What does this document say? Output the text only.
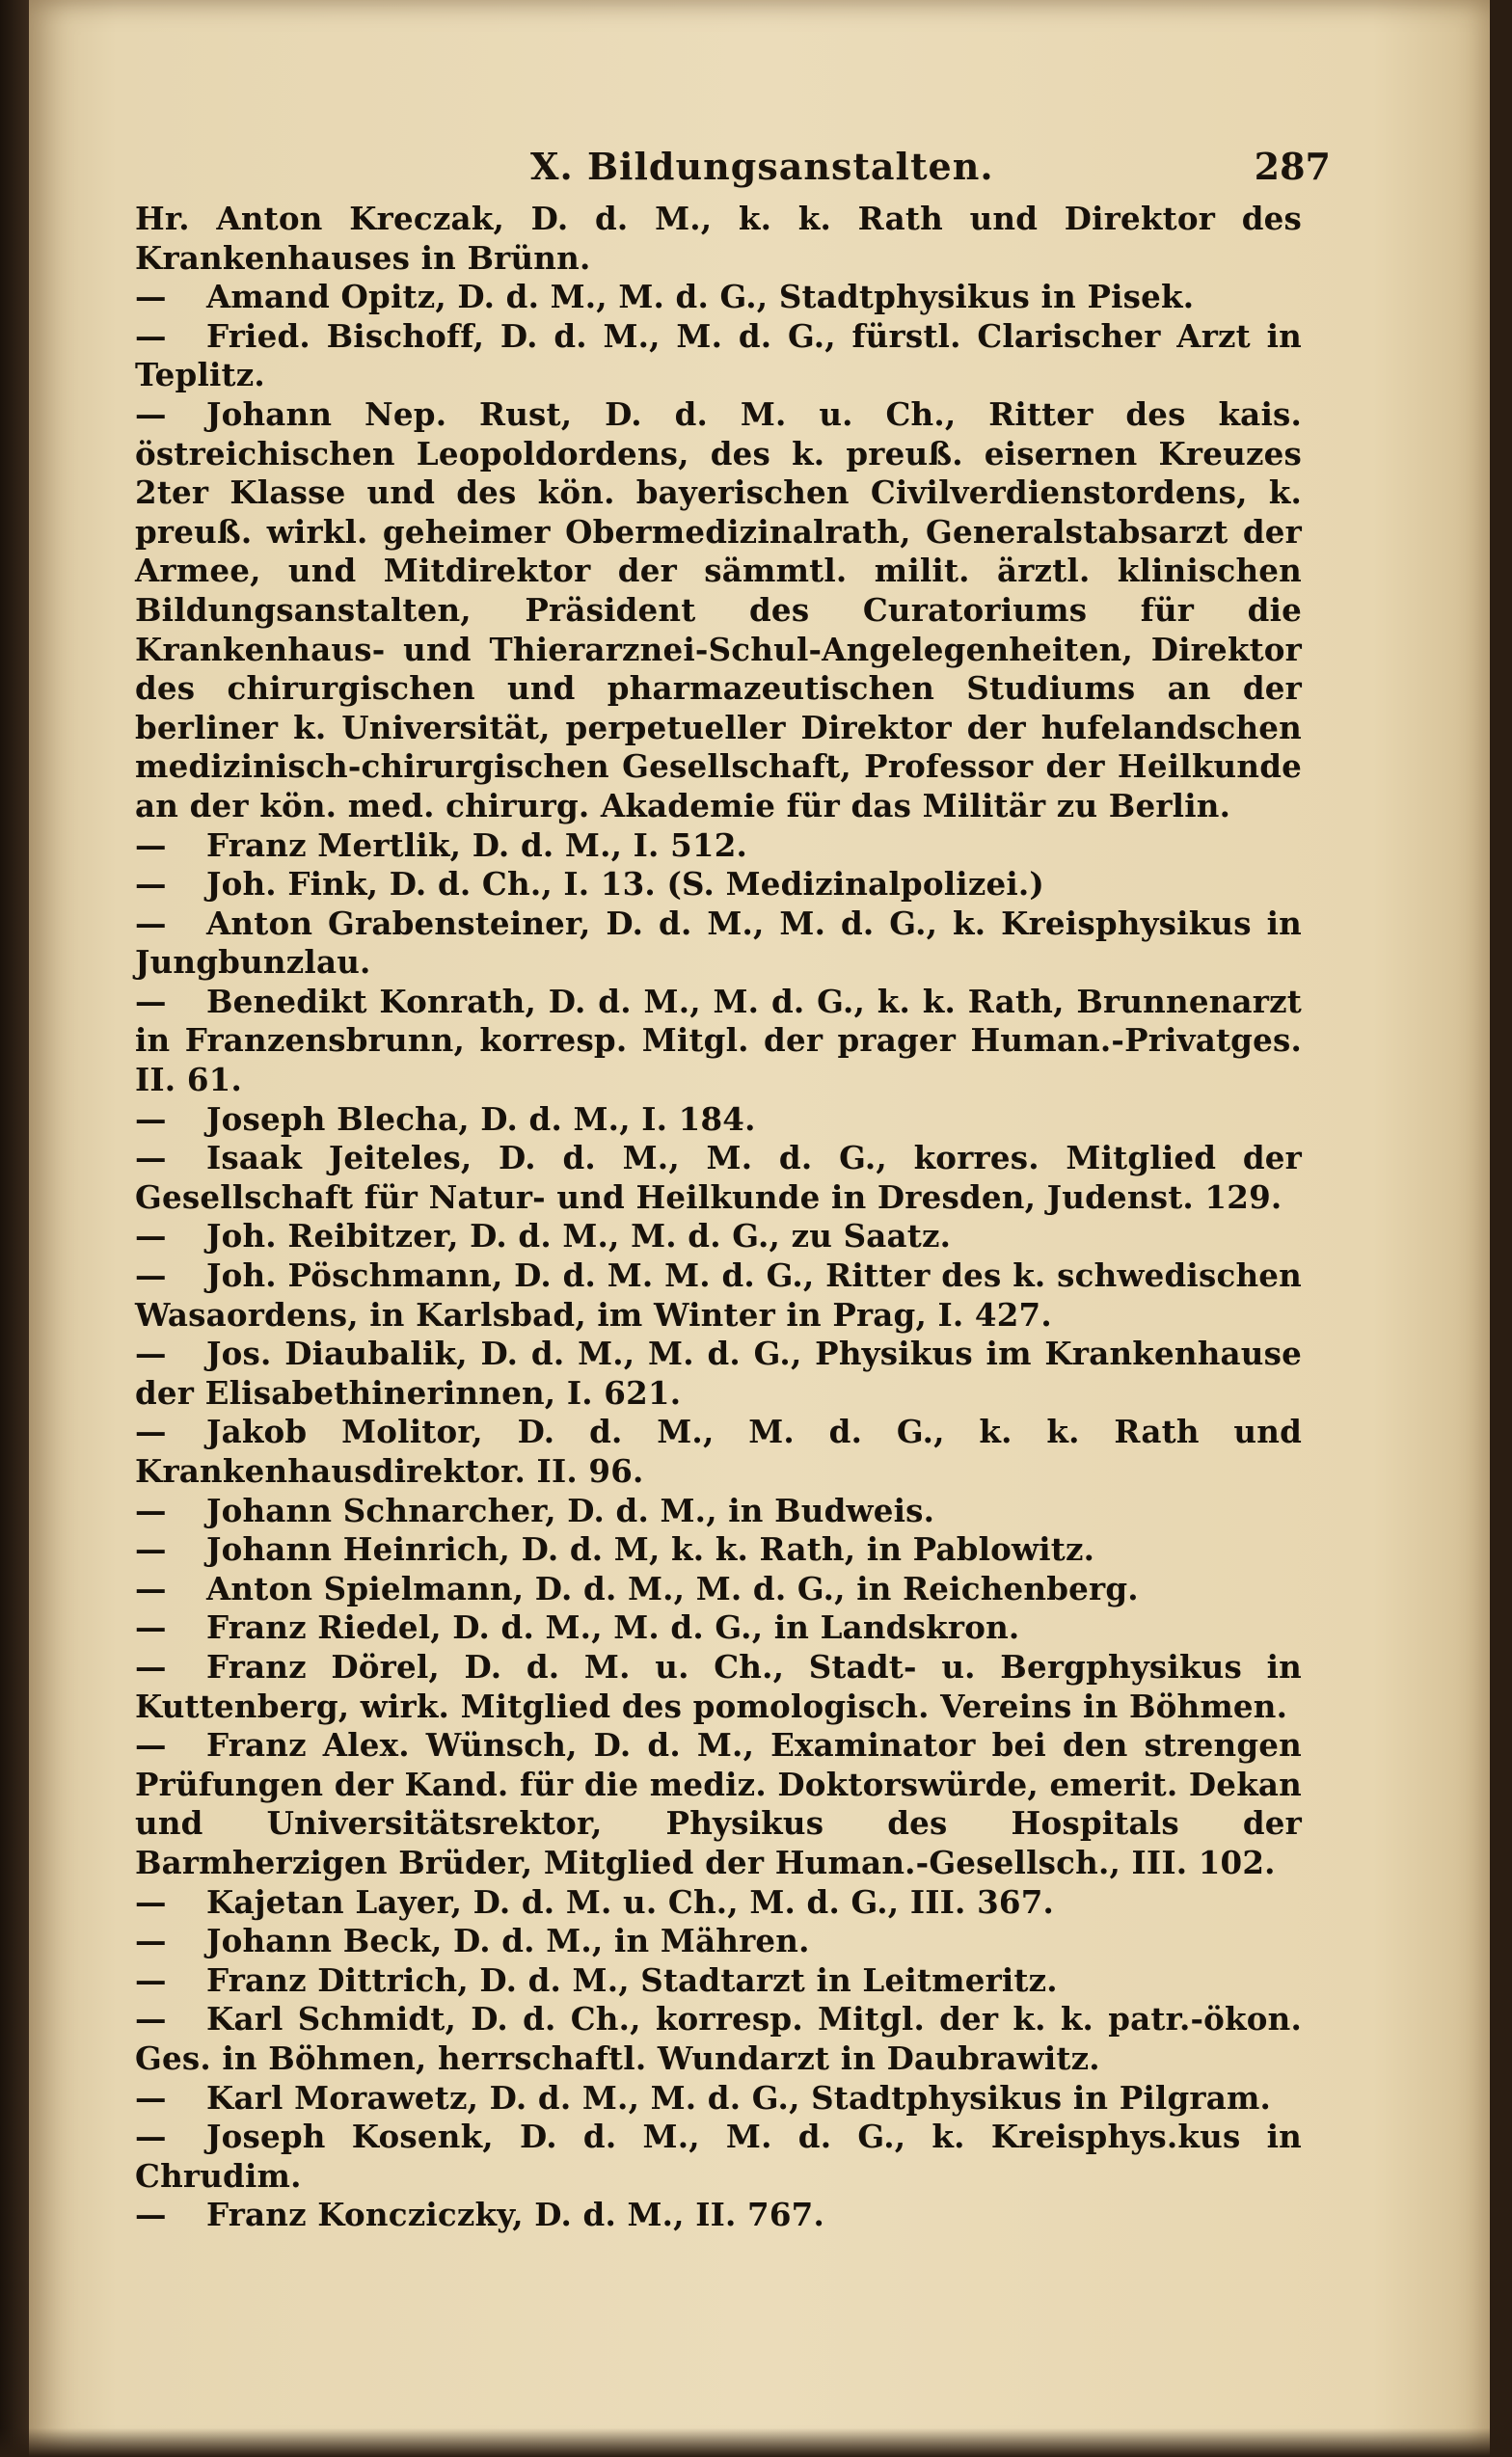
X. Bildungsanstalten.	287

Hr. Anton Kreczak, D. d. M., k. k. Rath und Direktor des Krankenhauses in Brünn.

— Amand Opitz, D. d. M., M. d. G., Stadtphysikus in Pisek.

— Fried. Bischoff, D. d. M., M. d. G., fürstl. Clarischer Arzt in Teplitz.

— Johann Nep. Rust, D. d. M. u. Ch., Ritter des kais. östreichischen Leopoldordens, des k. preuß. eisernen Kreuzes 2ter Klasse und des kön. bayerischen Civilverdienstordens, k. preuß. wirkl. geheimer Obermedizinalrath, Generalstabsarzt der Armee, und Mitdirektor der sämmtl. milit. ärztl. klinischen Bildungsanstalten, Präsident des Curatoriums für die Krankenhaus- und Thierarznei-Schul-Angelegenheiten, Direktor des chirurgischen und pharmazeutischen Studiums an der berliner k. Universität, perpetueller Direktor der hufelandschen medizinisch-chirurgischen Gesellschaft, Professor der Heilkunde an der kön. med. chirurg. Akademie für das Militär zu Berlin.

— Franz Mertlik, D. d. M., I. 512.

— Joh. Fink, D. d. Ch., I. 13. (S. Medizinalpolizei.)

— Anton Grabensteiner, D. d. M., M. d. G., k. Kreisphysikus in Jungbunzlau.

— Benedikt Konrath, D. d. M., M. d. G., k. k. Rath, Brunnenarzt in Franzensbrunn, korresp. Mitgl. der prager Human.-Privatges. II. 61.

— Joseph Blecha, D. d. M., I. 184.

— Isaak Jeiteles, D. d. M., M. d. G., korres. Mitglied der Gesellschaft für Natur- und Heilkunde in Dresden, Judenst. 129.

— Joh. Reibitzer, D. d. M., M. d. G., zu Saatz.

— Joh. Pöschmann, D. d. M. M. d. G., Ritter des k. schwedischen Wasaordens, in Karlsbad, im Winter in Prag, I. 427.

— Jos. Diaubalik, D. d. M., M. d. G., Physikus im Krankenhause der Elisabethinerinnen, I. 621.

— Jakob Molitor, D. d. M., M. d. G., k. k. Rath und Krankenhausdirektor. II. 96.

— Johann Schnarcher, D. d. M., in Budweis.

— Johann Heinrich, D. d. M, k. k. Rath, in Pablowitz.

— Anton Spielmann, D. d. M., M. d. G., in Reichenberg.

— Franz Riedel, D. d. M., M. d. G., in Landskron.

— Franz Dörel, D. d. M. u. Ch., Stadt- u. Bergphysikus in Kuttenberg, wirk. Mitglied des pomologisch. Vereins in Böhmen.

— Franz Alex. Wünsch, D. d. M., Examinator bei den strengen Prüfungen der Kand. für die mediz. Doktorswürde, emerit. Dekan und Universitätsrektor, Physikus des Hospitals der Barmherzigen Brüder, Mitglied der Human.-Gesellsch., III. 102.

— Kajetan Layer, D. d. M. u. Ch., M. d. G., III. 367.

— Johann Beck, D. d. M., in Mähren.

— Franz Dittrich, D. d. M., Stadtarzt in Leitmeritz.

— Karl Schmidt, D. d. Ch., korresp. Mitgl. der k. k. patr.-ökon. Ges. in Böhmen, herrschaftl. Wundarzt in Daubrawitz.

— Karl Morawetz, D. d. M., M. d. G., Stadtphysikus in Pilgram.

— Joseph Kosenk, D. d. M., M. d. G., k. Kreisphys.kus in Chrudim.

— Franz Koncziczky, D. d. M., II. 767.
